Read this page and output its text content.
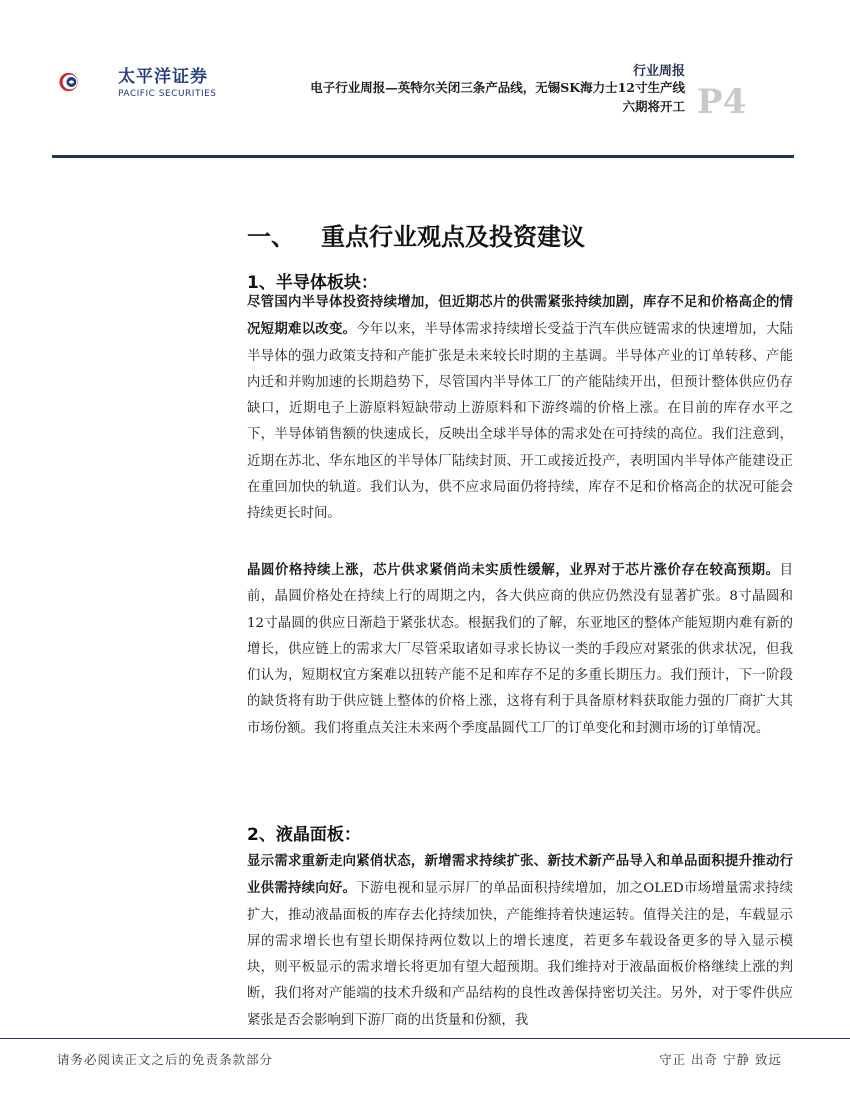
太平洋证券
PACIFIC SECURITIES
行业周报
电子行业周报—英特尔关闭三条产品线，无锡SK海力士12寸生产线
六期将开工 P4
一、 重点行业观点及投资建议
1、半导体板块：
尽管国内半导体投资持续增加，但近期芯片的供需紧张持续加剧，库存不足和价格高企的情况短期难以改变。今年以来，半导体需求持续增长受益于汽车供应链需求的快速增加，大陆半导体的强力政策支持和产能扩张是未来较长时期的主基调。半导体产业的订单转移、产能内迁和并购加速的长期趋势下，尽管国内半导体工厂的产能陆续开出，但预计整体供应仍存缺口，近期电子上游原料短缺带动上游原料和下游终端的价格上涨。在目前的库存水平之下，半导体销售额的快速成长，反映出全球半导体的需求处在可持续的高位。我们注意到，近期在苏北、华东地区的半导体厂陆续封顶、开工或接近投产，表明国内半导体产能建设正在重回加快的轨道。我们认为，供不应求局面仍将持续，库存不足和价格高企的状况可能会持续更长时间。
晶圆价格持续上涨，芯片供求紧俏尚未实质性缓解，业界对于芯片涨价存在较高预期。目前，晶圆价格处在持续上行的周期之内，各大供应商的供应仍然没有显著扩张。8寸晶圆和12寸晶圆的供应日渐趋于紧张状态。根据我们的了解，东亚地区的整体产能短期内难有新的增长，供应链上的需求大厂尽管采取诸如寻求长协议一类的手段应对紧张的供求状况，但我们认为，短期权宜方案难以扭转产能不足和库存不足的多重长期压力。我们预计，下一阶段的缺货将有助于供应链上整体的价格上涨，这将有利于具备原材料获取能力强的厂商扩大其市场份额。我们将重点关注未来两个季度晶圆代工厂的订单变化和封测市场的订单情况。
2、液晶面板：
显示需求重新走向紧俏状态，新增需求持续扩张、新技术新产品导入和单品面积提升推动行业供需持续向好。下游电视和显示屏厂的单品面积持续增加，加之OLED市场增量需求持续扩大，推动液晶面板的库存去化持续加快，产能维持着快速运转。值得关注的是，车载显示屏的需求增长也有望长期保持两位数以上的增长速度，若更多车载设备更多的导入显示模块，则平板显示的需求增长将更加有望大超预期。我们维持对于液晶面板价格继续上涨的判断，我们将对产能端的技术升级和产品结构的良性改善保持密切关注。另外，对于零件供应紧张是否会影响到下游厂商的出货量和份额，我
请务必阅读正文之后的免责条款部分	守正 出奇 宁静 致远
